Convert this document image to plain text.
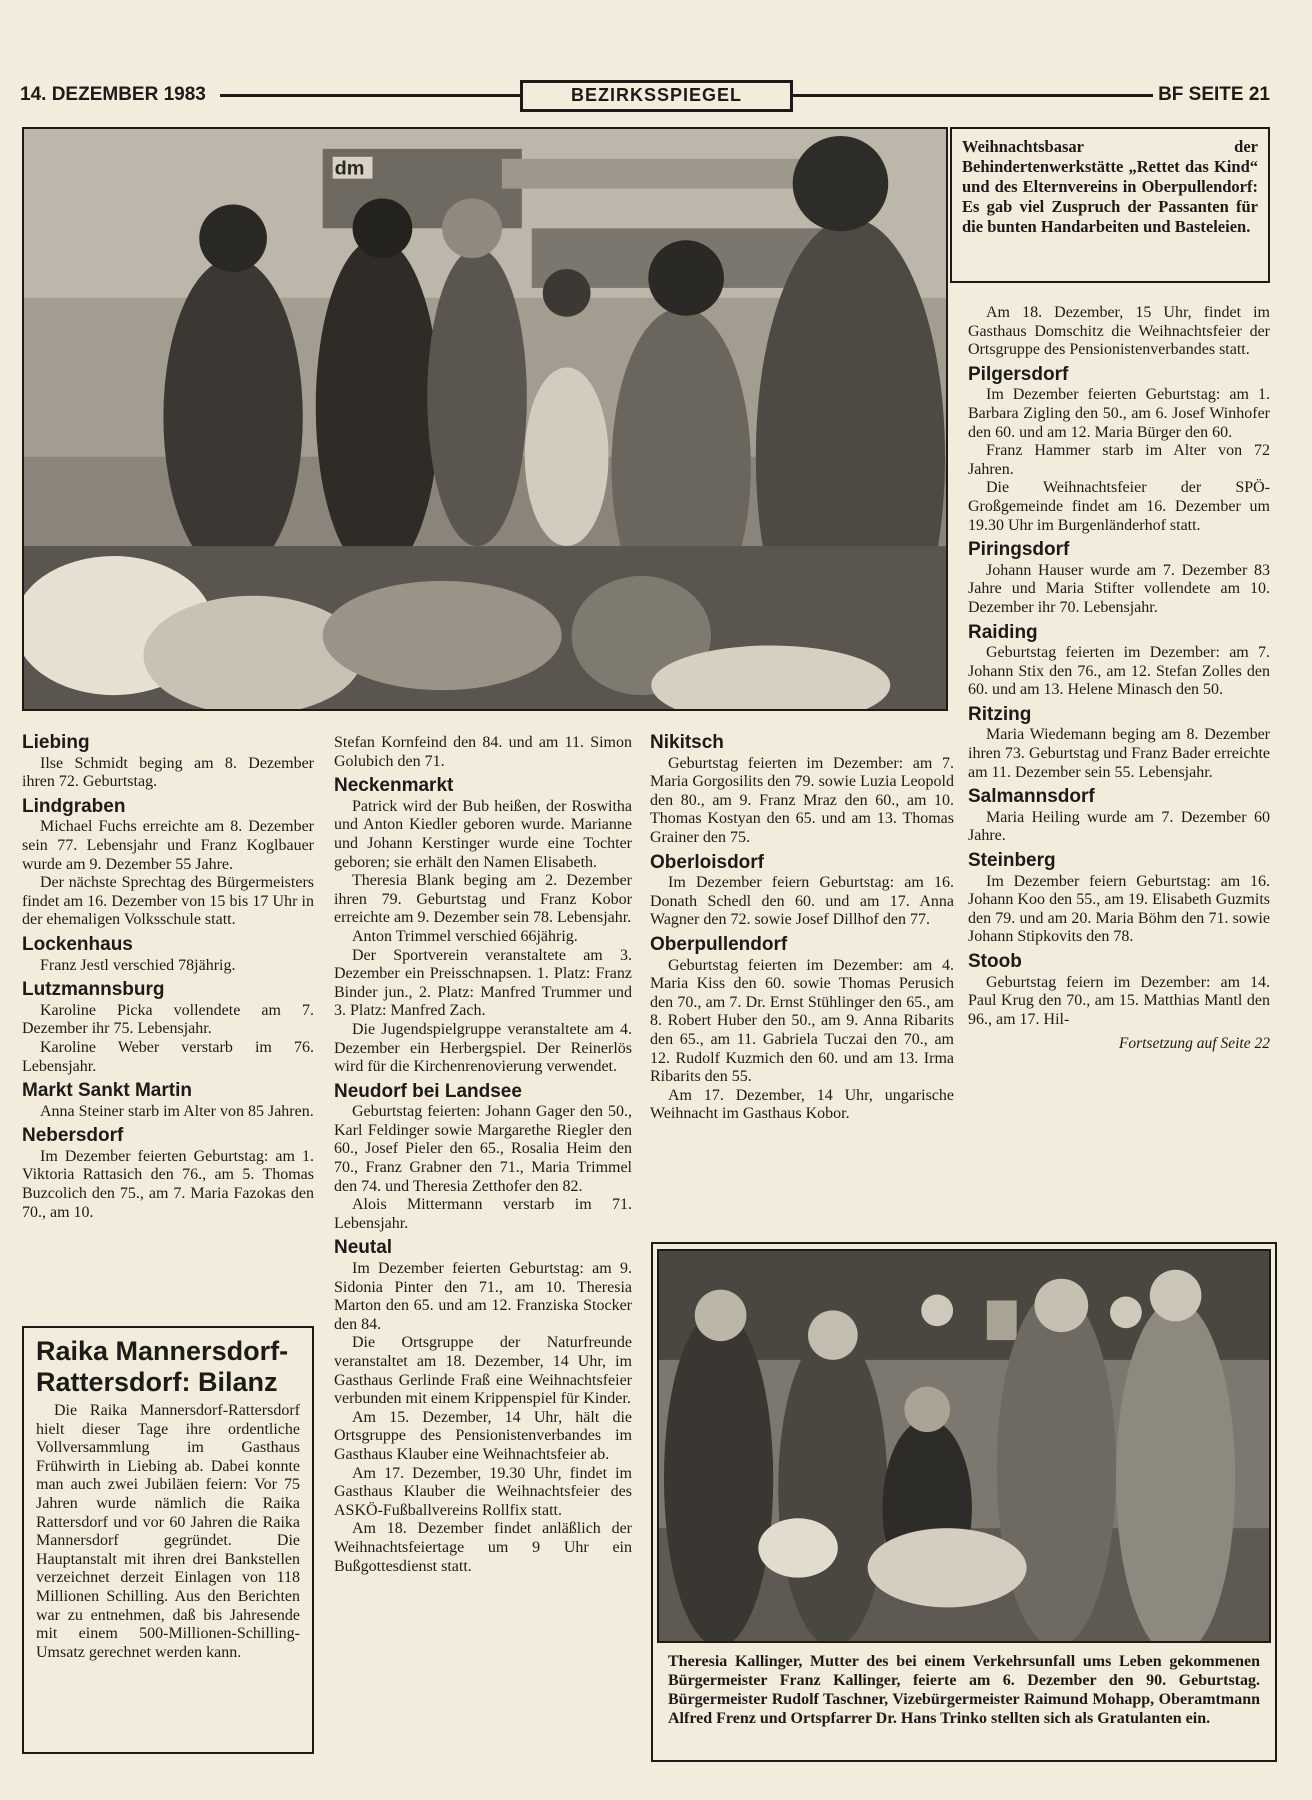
14. DEZEMBER 1983	BEZIRKSSPIEGEL	BF SEITE 21
dm
Weihnachtsbasar der Behindertenwerkstätte „Rettet das Kind“ und des Elternvereins in Oberpullendorf: Es gab viel Zuspruch der Passanten für die bunten Handarbeiten und Basteleien.

Am 18. Dezember, 15 Uhr, findet im Gasthaus Domschitz die Weihnachtsfeier der Ortsgruppe des Pensionistenverbandes statt.

Pilgersdorf

Im Dezember feierten Geburtstag: am 1. Barbara Zigling den 50., am 6. Josef Winhofer den 60. und am 12. Maria Bürger den 60.

Franz Hammer starb im Alter von 72 Jahren.

Die Weihnachtsfeier der SPÖ-Großgemeinde findet am 16. Dezember um 19.30 Uhr im Burgenländerhof statt.

Piringsdorf

Johann Hauser wurde am 7. Dezember 83 Jahre und Maria Stifter vollendete am 10. Dezember ihr 70. Lebensjahr.

Raiding

Geburtstag feierten im Dezember: am 7. Johann Stix den 76., am 12. Stefan Zolles den 60. und am 13. Helene Minasch den 50.

Ritzing

Maria Wiedemann beging am 8. Dezember ihren 73. Geburtstag und Franz Bader erreichte am 11. Dezember sein 55. Lebensjahr.

Salmannsdorf

Maria Heiling wurde am 7. Dezember 60 Jahre.

Steinberg

Im Dezember feiern Geburtstag: am 16. Johann Koo den 55., am 19. Elisabeth Guzmits den 79. und am 20. Maria Böhm den 71. sowie Johann Stipkovits den 78.

Stoob

Geburtstag feiern im Dezember: am 14. Paul Krug den 70., am 15. Matthias Mantl den 96., am 17. Hil-

Fortsetzung auf Seite 22
Liebing

Ilse Schmidt beging am 8. Dezember ihren 72. Geburtstag.

Lindgraben

Michael Fuchs erreichte am 8. Dezember sein 77. Lebensjahr und Franz Koglbauer wurde am 9. Dezember 55 Jahre.

Der nächste Sprechtag des Bürgermeisters findet am 16. Dezember von 15 bis 17 Uhr in der ehemaligen Volksschule statt.

Lockenhaus

Franz Jestl verschied 78jährig.

Lutzmannsburg

Karoline Picka vollendete am 7. Dezember ihr 75. Lebensjahr.

Karoline Weber verstarb im 76. Lebensjahr.

Markt Sankt Martin

Anna Steiner starb im Alter von 85 Jahren.

Nebersdorf

Im Dezember feierten Geburtstag: am 1. Viktoria Rattasich den 76., am 5. Thomas Buzcolich den 75., am 7. Maria Fazokas den 70., am 10.

Raika Mannersdorf-Rattersdorf: Bilanz

Die Raika Mannersdorf-Rattersdorf hielt dieser Tage ihre ordentliche Vollversammlung im Gasthaus Frühwirth in Liebing ab. Dabei konnte man auch zwei Jubiläen feiern: Vor 75 Jahren wurde nämlich die Raika Rattersdorf und vor 60 Jahren die Raika Mannersdorf gegründet. Die Hauptanstalt mit ihren drei Bankstellen verzeichnet derzeit Einlagen von 118 Millionen Schilling. Aus den Berichten war zu entnehmen, daß bis Jahresende mit einem 500-Millionen-Schilling-Umsatz gerechnet werden kann.

Stefan Kornfeind den 84. und am 11. Simon Golubich den 71.
Neckenmarkt

Patrick wird der Bub heißen, der Roswitha und Anton Kiedler geboren wurde. Marianne und Johann Kerstinger wurde eine Tochter geboren; sie erhält den Namen Elisabeth.

Theresia Blank beging am 2. Dezember ihren 79. Geburtstag und Franz Kobor erreichte am 9. Dezember sein 78. Lebensjahr.

Anton Trimmel verschied 66jährig.

Der Sportverein veranstaltete am 3. Dezember ein Preisschnapsen. 1. Platz: Franz Binder jun., 2. Platz: Manfred Trummer und 3. Platz: Manfred Zach.

Die Jugendspielgruppe veranstaltete am 4. Dezember ein Herbergspiel. Der Reinerlös wird für die Kirchenrenovierung verwendet.

Neudorf bei Landsee

Geburtstag feierten: Johann Gager den 50., Karl Feldinger sowie Margarethe Riegler den 60., Josef Pieler den 65., Rosalia Heim den 70., Franz Grabner den 71., Maria Trimmel den 74. und Theresia Zetthofer den 82.

Alois Mittermann verstarb im 71. Lebensjahr.

Neutal

Im Dezember feierten Geburtstag: am 9. Sidonia Pinter den 71., am 10. Theresia Marton den 65. und am 12. Franziska Stocker den 84.

Die Ortsgruppe der Naturfreunde veranstaltet am 18. Dezember, 14 Uhr, im Gasthaus Gerlinde Fraß eine Weihnachtsfeier verbunden mit einem Krippenspiel für Kinder.

Am 15. Dezember, 14 Uhr, hält die Ortsgruppe des Pensionistenverbandes im Gasthaus Klauber eine Weihnachtsfeier ab.

Am 17. Dezember, 19.30 Uhr, findet im Gasthaus Klauber die Weihnachtsfeier des ASKÖ-Fußballvereins Rollfix statt.

Am 18. Dezember findet anläßlich der Weihnachtsfeiertage um 9 Uhr ein Bußgottesdienst statt.

Nikitsch

Geburtstag feierten im Dezember: am 7. Maria Gorgosilits den 79. sowie Luzia Leopold den 80., am 9. Franz Mraz den 60., am 10. Thomas Kostyan den 65. und am 13. Thomas Grainer den 75.

Oberloisdorf

Im Dezember feiern Geburtstag: am 16. Donath Schedl den 60. und am 17. Anna Wagner den 72. sowie Josef Dillhof den 77.

Oberpullendorf

Geburtstag feierten im Dezember: am 4. Maria Kiss den 60. sowie Thomas Perusich den 70., am 7. Dr. Ernst Stühlinger den 65., am 8. Robert Huber den 50., am 9. Anna Ribarits den 65., am 11. Gabriela Tuczai den 70., am 12. Rudolf Kuzmich den 60. und am 13. Irma Ribarits den 55.

Am 17. Dezember, 14 Uhr, ungarische Weihnacht im Gasthaus Kobor.

Theresia Kallinger, Mutter des bei einem Verkehrsunfall ums Leben gekommenen Bürgermeister Franz Kallinger, feierte am 6. Dezember den 90. Geburtstag. Bürgermeister Rudolf Taschner, Vizebürgermeister Raimund Mohapp, Oberamtmann Alfred Frenz und Ortspfarrer Dr. Hans Trinko stellten sich als Gratulanten ein.
